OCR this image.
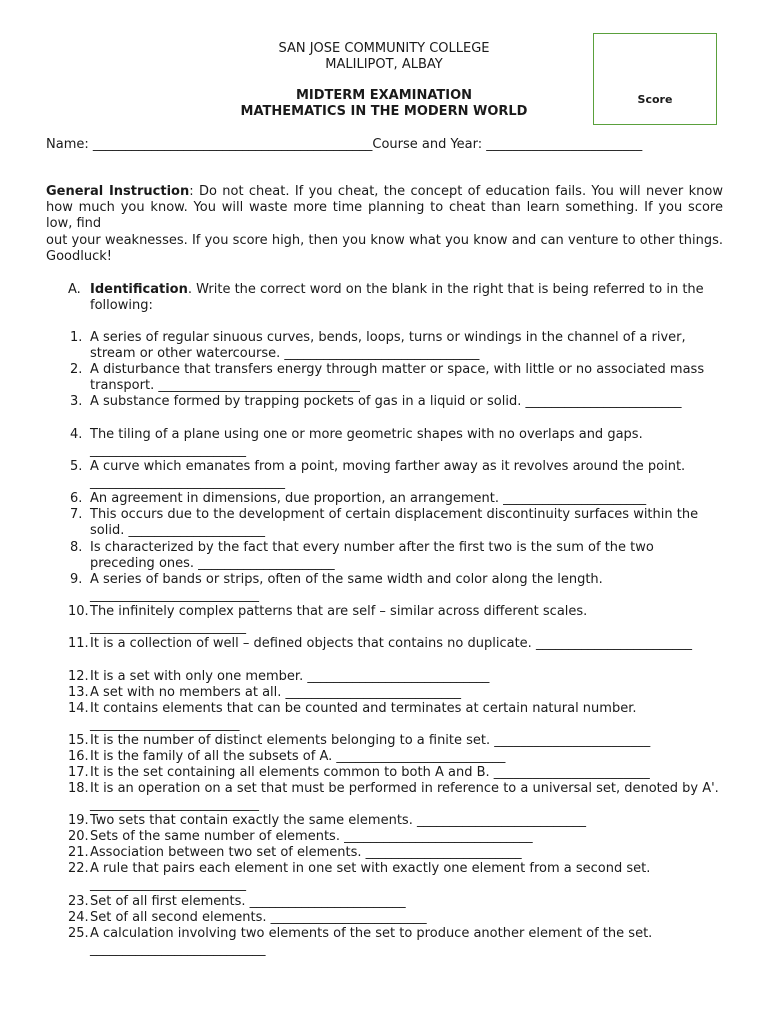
SAN JOSE COMMUNITY COLLEGE
MALILIPOT, ALBAY
MIDTERM EXAMINATION
MATHEMATICS IN THE MODERN WORLD
Score
Name: ___________________________________________Course and Year: ________________________
General Instruction: Do not cheat. If you cheat, the concept of education fails. You will never know how much you know. You will waste more time planning to cheat than learn something. If you score low, find
out your weaknesses. If you score high, then you know what you know and can venture to other things. Goodluck!
A. Identification. Write the correct word on the blank in the right that is being referred to in the following:
1. A series of regular sinuous curves, bends, loops, turns or windings in the channel of a river, stream or other watercourse. ______________________________
2. A disturbance that transfers energy through matter or space, with little or no associated mass transport. _______________________________
3. A substance formed by trapping pockets of gas in a liquid or solid. ________________________
4. The tiling of a plane using one or more geometric shapes with no overlaps and gaps. ________________________
5. A curve which emanates from a point, moving farther away as it revolves around the point. ______________________________
6. An agreement in dimensions, due proportion, an arrangement. ______________________
7. This occurs due to the development of certain displacement discontinuity surfaces within the solid. _____________________
8. Is characterized by the fact that every number after the first two is the sum of the two preceding ones. _____________________
9. A series of bands or strips, often of the same width and color along the length. __________________________
10. The infinitely complex patterns that are self – similar across different scales. ________________________
11. It is a collection of well – defined objects that contains no duplicate. ________________________
12. It is a set with only one member. ____________________________
13. A set with no members at all. ___________________________
14. It contains elements that can be counted and terminates at certain natural number. _______________________
15. It is the number of distinct elements belonging to a finite set. ________________________
16. It is the family of all the subsets of A. __________________________
17. It is the set containing all elements common to both A and B. ________________________
18. It is an operation on a set that must be performed in reference to a universal set, denoted by A'. __________________________
19. Two sets that contain exactly the same elements. __________________________
20. Sets of the same number of elements. _____________________________
21. Association between two set of elements. ________________________
22. A rule that pairs each element in one set with exactly one element from a second set. ________________________
23. Set of all first elements. ________________________
24. Set of all second elements. ________________________
25. A calculation involving two elements of the set to produce another element of the set. ___________________________
